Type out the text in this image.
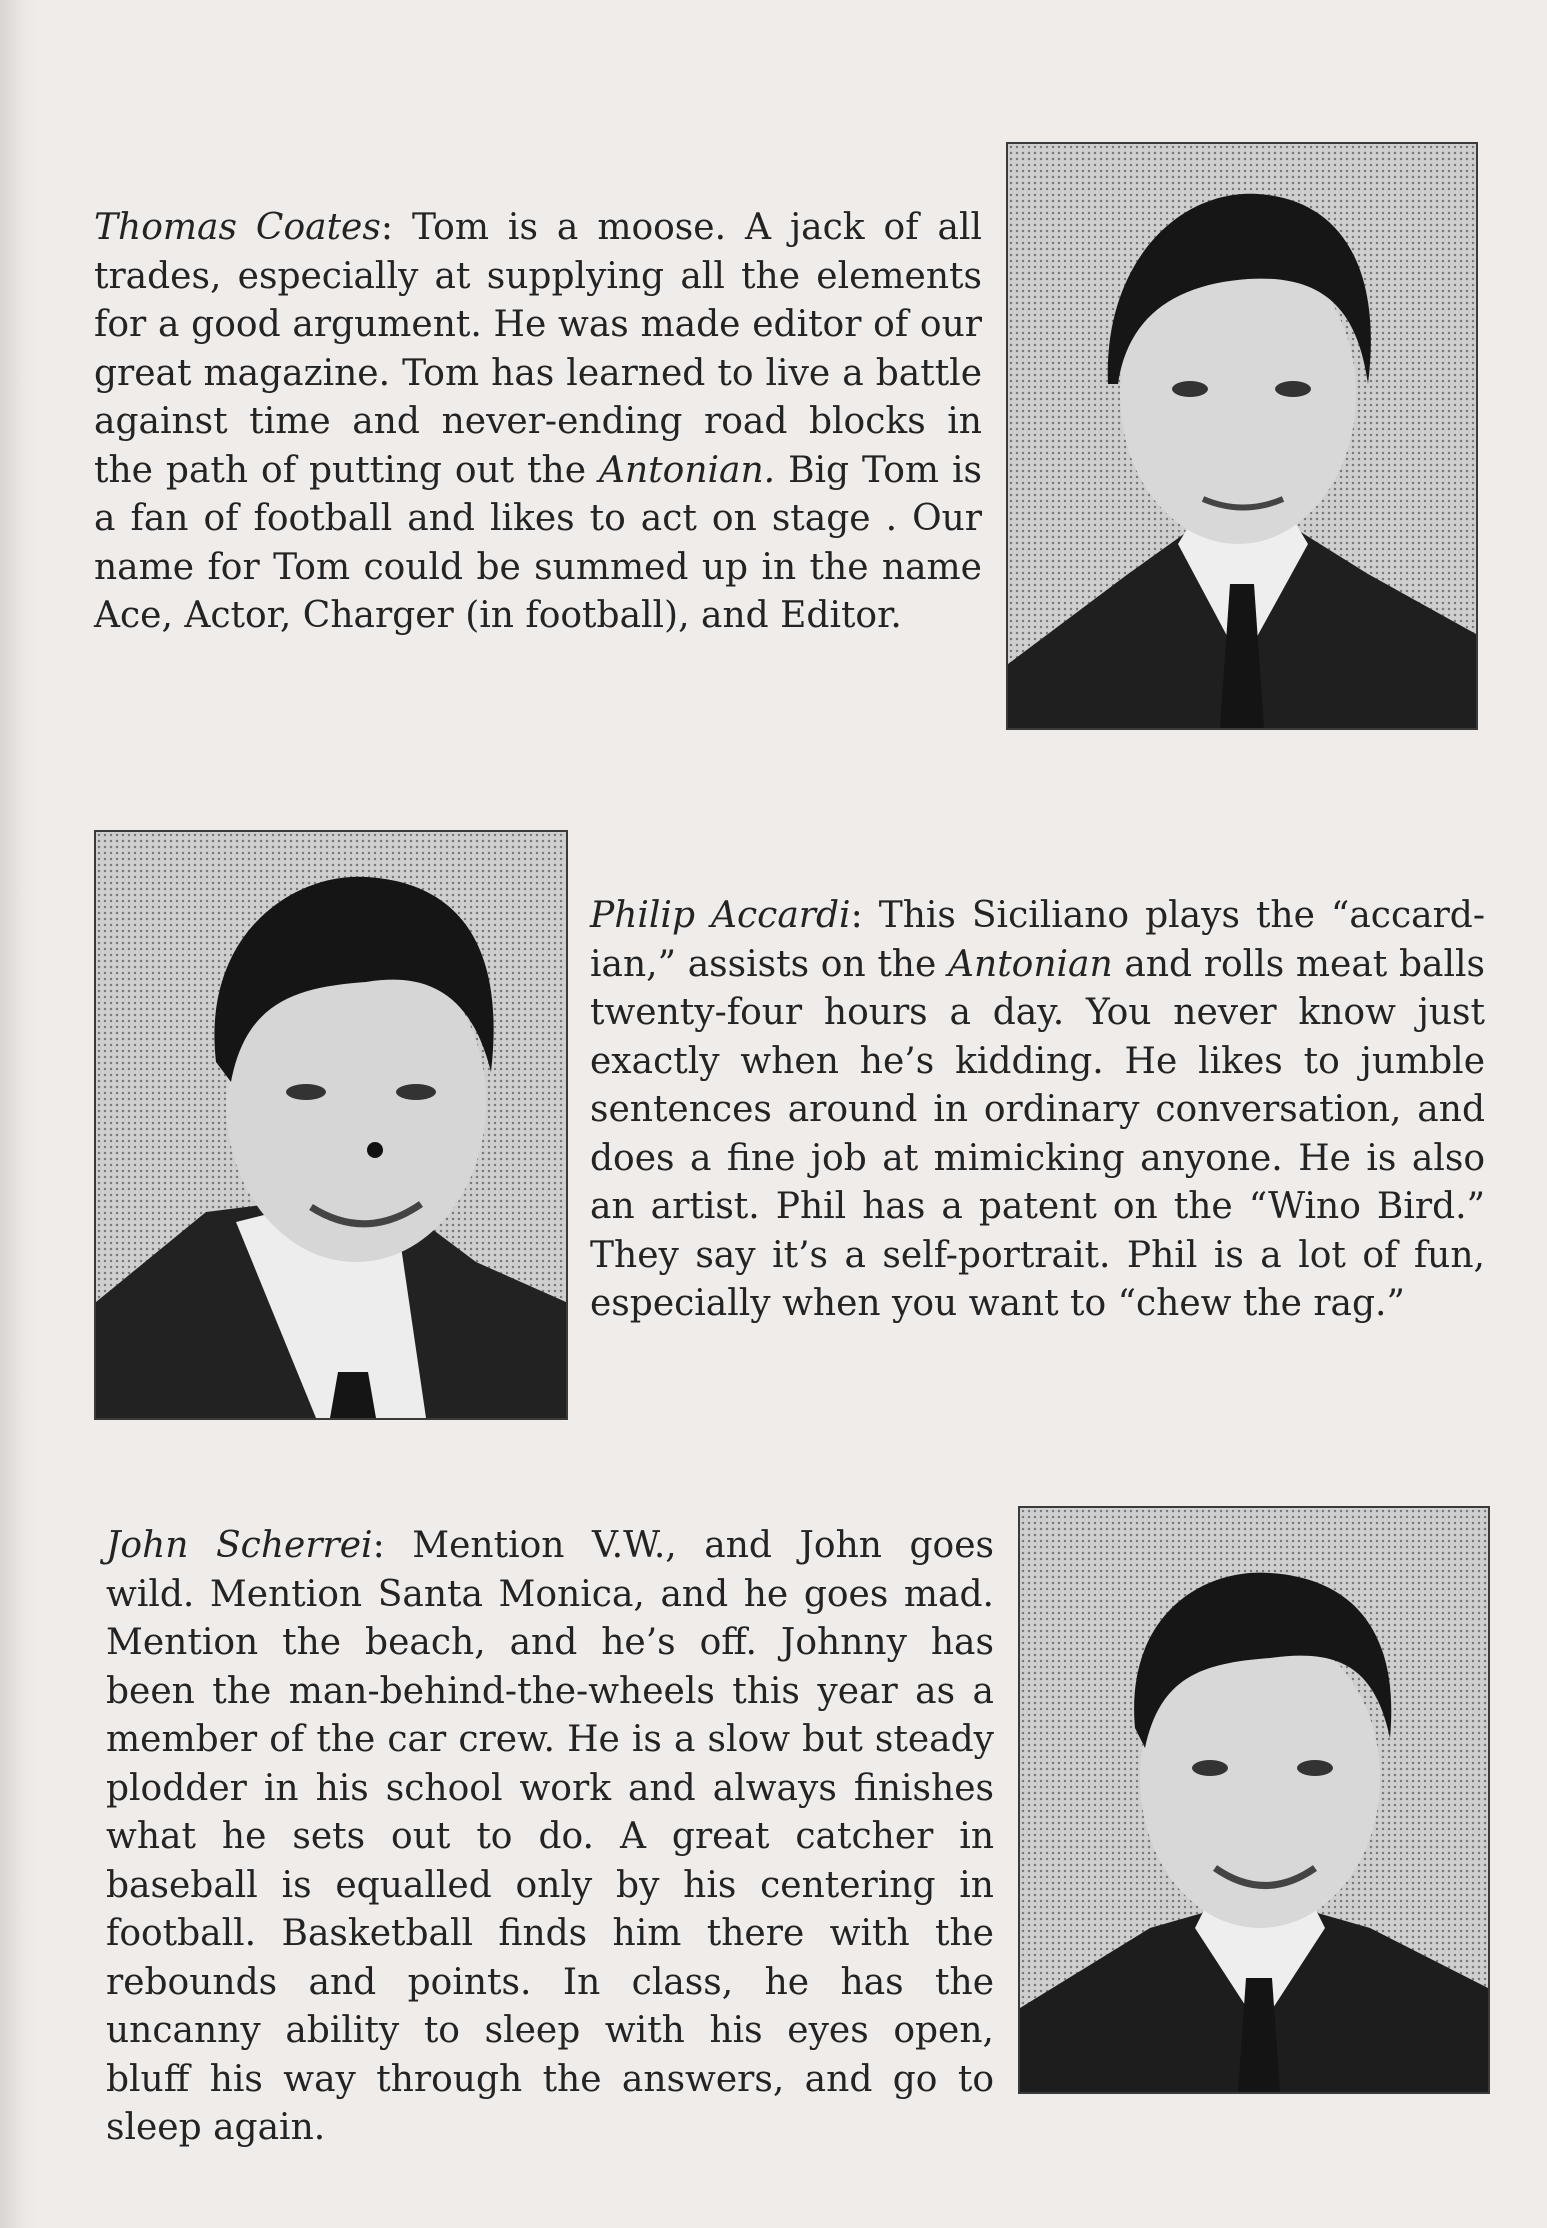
Thomas Coates: Tom is a moose. A jack of all trades, especially at supplying all the elements for a good argument. He was made editor of our great magazine. Tom has learned to live a battle against time and never-ending road blocks in the path of putting out the Antonian. Big Tom is a fan of football and likes to act on stage . Our name for Tom could be summed up in the name Ace, Actor, Charger (in football), and Editor.

Philip Accardi: This Siciliano plays the “accard-ian,” assists on the Antonian and rolls meat balls twenty-four hours a day. You never know just exactly when he’s kidding. He likes to jumble sentences around in ordinary conversation, and does a fine job at mimicking anyone. He is also an artist. Phil has a patent on the “Wino Bird.” They say it’s a self-portrait. Phil is a lot of fun, especially when you want to “chew the rag.”

John Scherrei: Mention V.W., and John goes wild. Mention Santa Monica, and he goes mad. Mention the beach, and he’s off. Johnny has been the man-behind-the-wheels this year as a member of the car crew. He is a slow but steady plodder in his school work and always finishes what he sets out to do. A great catcher in baseball is equalled only by his centering in football. Basketball finds him there with the rebounds and points. In class, he has the uncanny ability to sleep with his eyes open, bluff his way through the answers, and go to sleep again.
